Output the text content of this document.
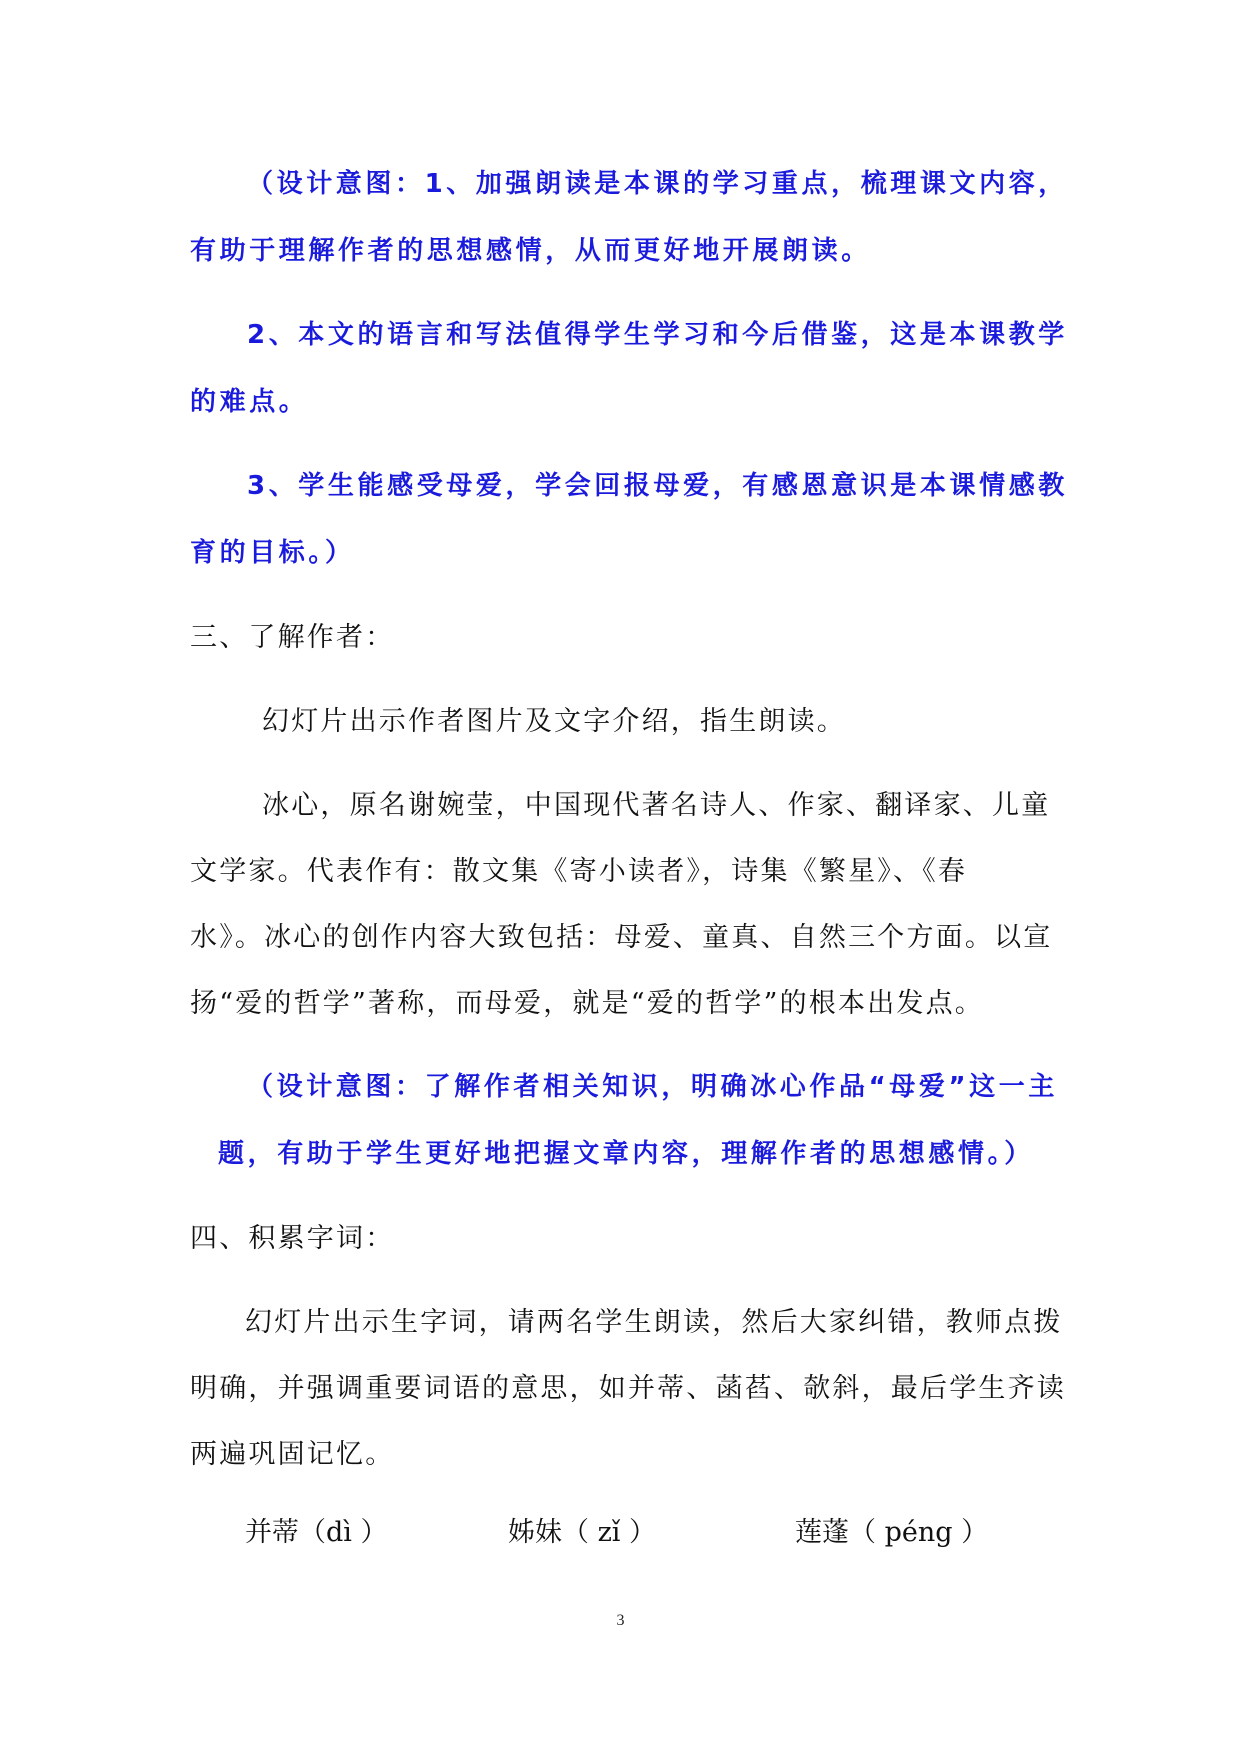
（设计意图：1、加强朗读是本课的学习重点，梳理课文内容，
有助于理解作者的思想感情，从而更好地开展朗读。
2、本文的语言和写法值得学生学习和今后借鉴，这是本课教学
的难点。
3、学生能感受母爱，学会回报母爱，有感恩意识是本课情感教
育的目标。）
三、了解作者：
幻灯片出示作者图片及文字介绍，指生朗读。
冰心，原名谢婉莹，中国现代著名诗人、作家、翻译家、儿童
文学家。代表作有：散文集《寄小读者》，诗集《繁星》、《春
水》。冰心的创作内容大致包括：母爱、童真、自然三个方面。以宣
扬“爱的哲学”著称，而母爱，就是“爱的哲学”的根本出发点。
（设计意图：了解作者相关知识，明确冰心作品“母爱”这一主
题，有助于学生更好地把握文章内容，理解作者的思想感情。）
四、积累字词：
幻灯片出示生字词，请两名学生朗读，然后大家纠错，教师点拨
明确，并强调重要词语的意思，如并蒂、菡萏、欹斜，最后学生齐读
两遍巩固记忆。
并蒂（dì ）	姊妹（ zǐ ）	莲蓬（ péng ）
3
